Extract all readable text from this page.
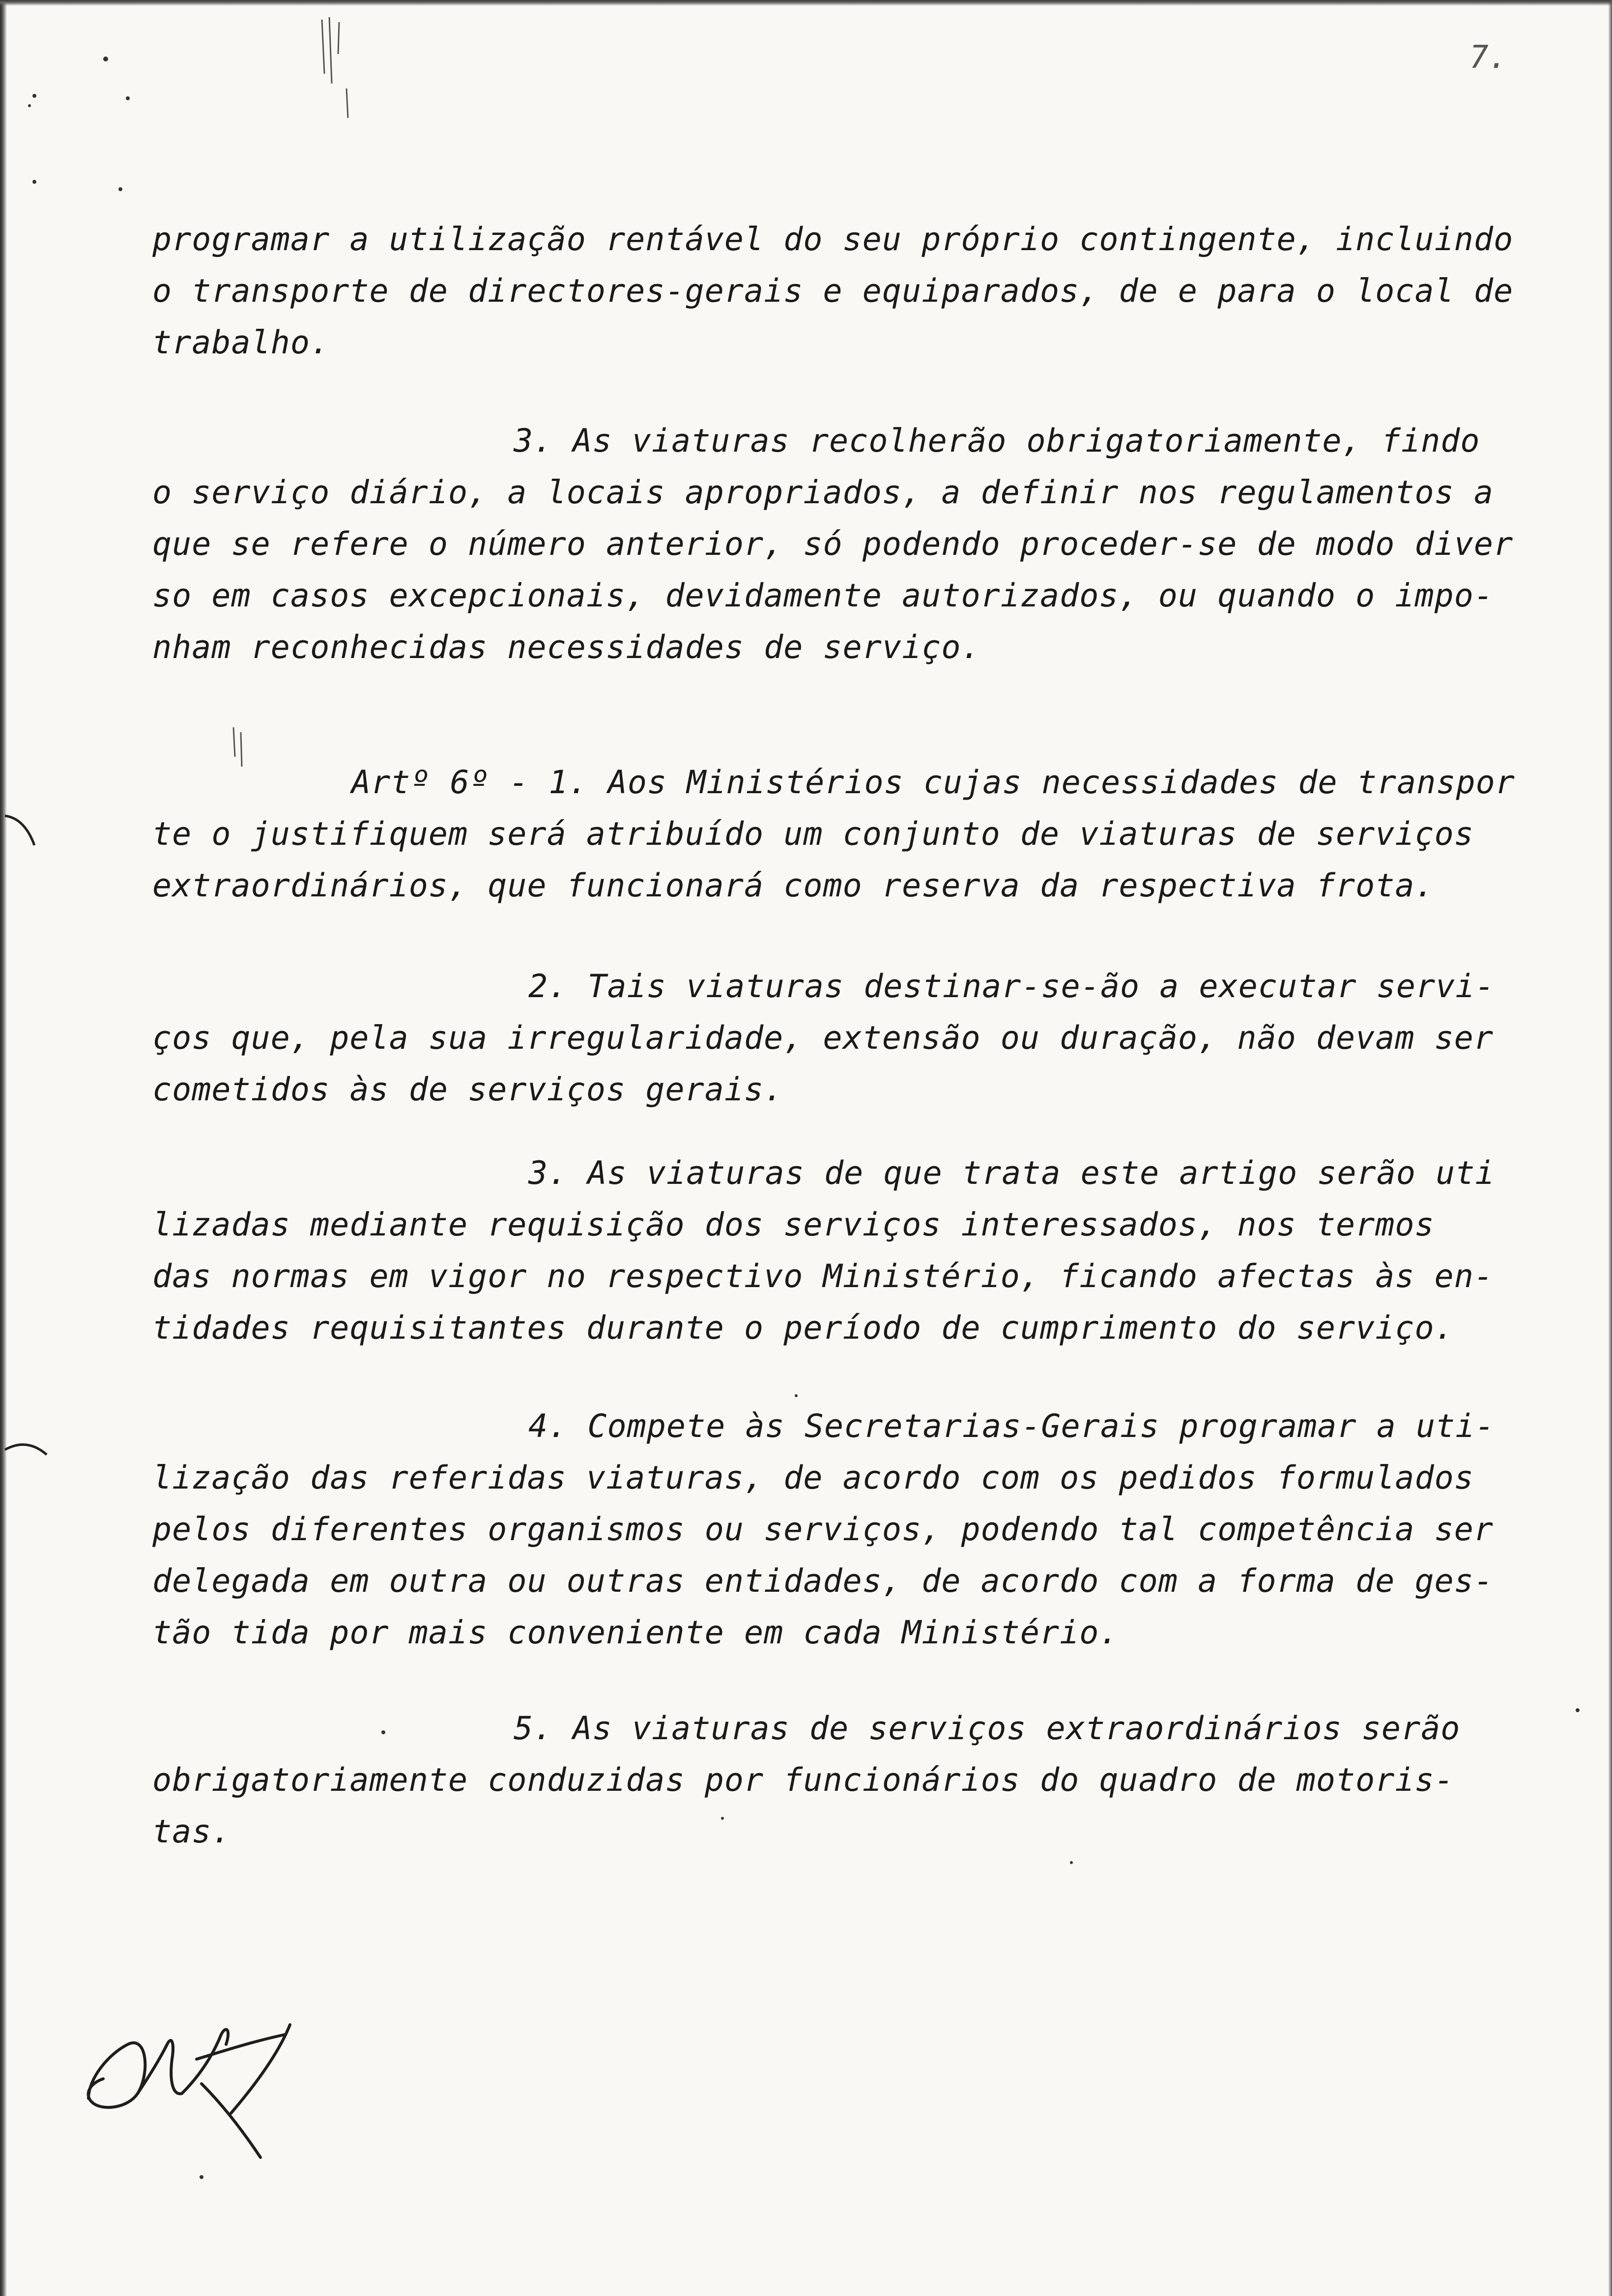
7.
programar a utilização rentável do seu próprio contingente, incluindo
o transporte de directores-gerais e equiparados, de e para o local de
trabalho.
3. As viaturas recolherão obrigatoriamente, findo
o serviço diário, a locais apropriados, a definir nos regulamentos a
que se refere o número anterior, só podendo proceder-se de modo diver
so em casos excepcionais, devidamente autorizados, ou quando o impo-
nham reconhecidas necessidades de serviço.
Artº 6º - 1. Aos Ministérios cujas necessidades de transpor
te o justifiquem será atribuído um conjunto de viaturas de serviços
extraordinários, que funcionará como reserva da respectiva frota.
2. Tais viaturas destinar-se-ão a executar servi-
ços que, pela sua irregularidade, extensão ou duração, não devam ser
cometidos às de serviços gerais.
3. As viaturas de que trata este artigo serão uti
lizadas mediante requisição dos serviços interessados, nos termos
das normas em vigor no respectivo Ministério, ficando afectas às en-
tidades requisitantes durante o período de cumprimento do serviço.
4. Compete às Secretarias-Gerais programar a uti-
lização das referidas viaturas, de acordo com os pedidos formulados
pelos diferentes organismos ou serviços, podendo tal competência ser
delegada em outra ou outras entidades, de acordo com a forma de ges-
tão tida por mais conveniente em cada Ministério.
5. As viaturas de serviços extraordinários serão
obrigatoriamente conduzidas por funcionários do quadro de motoris-
tas.
